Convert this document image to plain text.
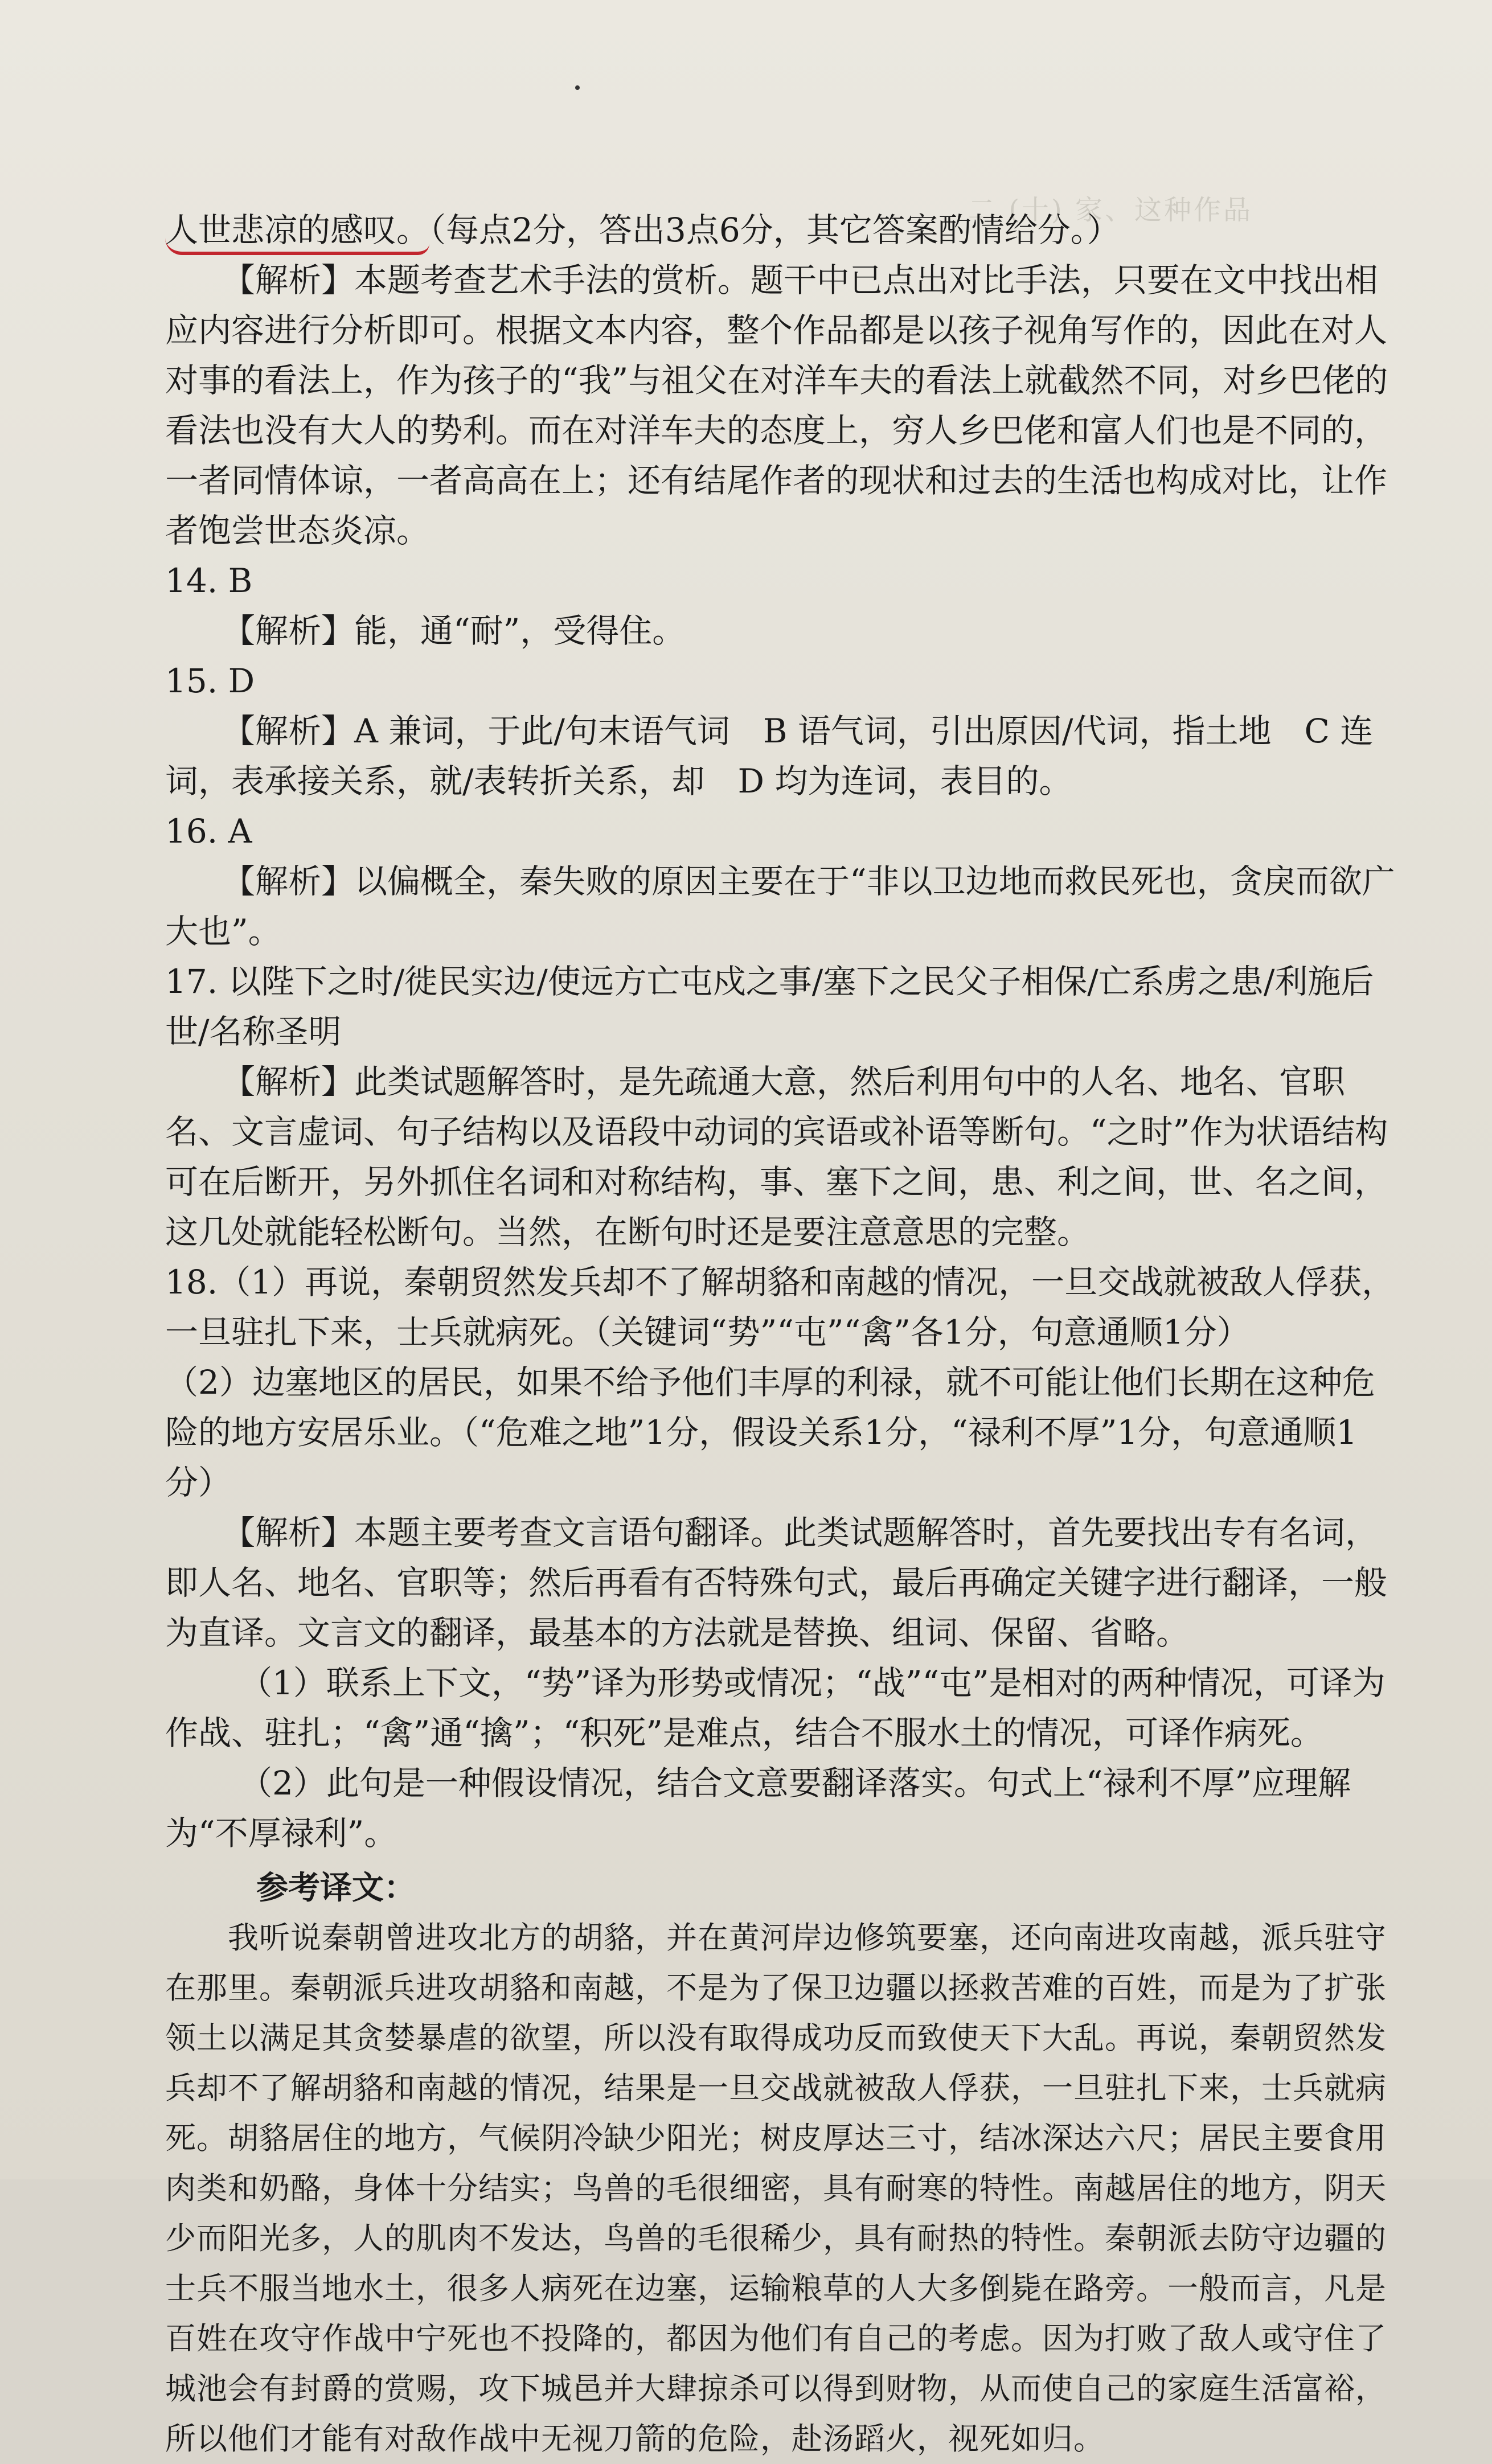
二 (十) 家、这种作品

人世悲凉的感叹。（每点2分，答出3点6分，其它答案酌情给分。）

【解析】本题考查艺术手法的赏析。题干中已点出对比手法，只要在文中找出相应内容进行分析即可。根据文本内容，整个作品都是以孩子视角写作的，因此在对人对事的看法上，作为孩子的“我”与祖父在对洋车夫的看法上就截然不同，对乡巴佬的看法也没有大人的势利。而在对洋车夫的态度上，穷人乡巴佬和富人们也是不同的，一者同情体谅，一者高高在上；还有结尾作者的现状和过去的生活也构成对比，让作者饱尝世态炎凉。

14. B

【解析】能，通“耐”，受得住。

15. D

【解析】A 兼词，于此/句末语气词　B 语气词，引出原因/代词，指土地　C 连词，表承接关系，就/表转折关系，却　D 均为连词，表目的。

16. A

【解析】以偏概全，秦失败的原因主要在于“非以卫边地而救民死也，贪戾而欲广大也”。

17. 以陛下之时/徙民实边/使远方亡屯戍之事/塞下之民父子相保/亡系虏之患/利施后世/名称圣明

【解析】此类试题解答时，是先疏通大意，然后利用句中的人名、地名、官职名、文言虚词、句子结构以及语段中动词的宾语或补语等断句。“之时”作为状语结构可在后断开，另外抓住名词和对称结构，事、塞下之间，患、利之间，世、名之间，这几处就能轻松断句。当然，在断句时还是要注意意思的完整。

18.（1）再说，秦朝贸然发兵却不了解胡貉和南越的情况，一旦交战就被敌人俘获，一旦驻扎下来，士兵就病死。（关键词“势”“屯”“禽”各1分，句意通顺1分）

（2）边塞地区的居民，如果不给予他们丰厚的利禄，就不可能让他们长期在这种危险的地方安居乐业。（“危难之地”1分，假设关系1分，“禄利不厚”1分，句意通顺1分）

【解析】本题主要考查文言语句翻译。此类试题解答时，首先要找出专有名词，即人名、地名、官职等；然后再看有否特殊句式，最后再确定关键字进行翻译，一般为直译。文言文的翻译，最基本的方法就是替换、组词、保留、省略。

（1）联系上下文，“势”译为形势或情况；“战”“屯”是相对的两种情况，可译为作战、驻扎；“禽”通“擒”；“积死”是难点，结合不服水土的情况，可译作病死。

（2）此句是一种假设情况，结合文意要翻译落实。句式上“禄利不厚”应理解为“不厚禄利”。

参考译文：

我听说秦朝曾进攻北方的胡貉，并在黄河岸边修筑要塞，还向南进攻南越，派兵驻守在那里。秦朝派兵进攻胡貉和南越，不是为了保卫边疆以拯救苦难的百姓，而是为了扩张领土以满足其贪婪暴虐的欲望，所以没有取得成功反而致使天下大乱。再说，秦朝贸然发兵却不了解胡貉和南越的情况，结果是一旦交战就被敌人俘获，一旦驻扎下来，士兵就病死。胡貉居住的地方，气候阴冷缺少阳光；树皮厚达三寸，结冰深达六尺；居民主要食用肉类和奶酪，身体十分结实；鸟兽的毛很细密，具有耐寒的特性。南越居住的地方，阴天少而阳光多，人的肌肉不发达，鸟兽的毛很稀少，具有耐热的特性。秦朝派去防守边疆的士兵不服当地水土，很多人病死在边塞，运输粮草的人大多倒毙在路旁。一般而言，凡是百姓在攻守作战中宁死也不投降的，都因为他们有自己的考虑。因为打败了敌人或守住了城池会有封爵的赏赐，攻下城邑并大肆掠杀可以得到财物，从而使自己的家庭生活富裕，所以他们才能有对敌作战中无视刀箭的危险，赴汤蹈火，视死如归。
